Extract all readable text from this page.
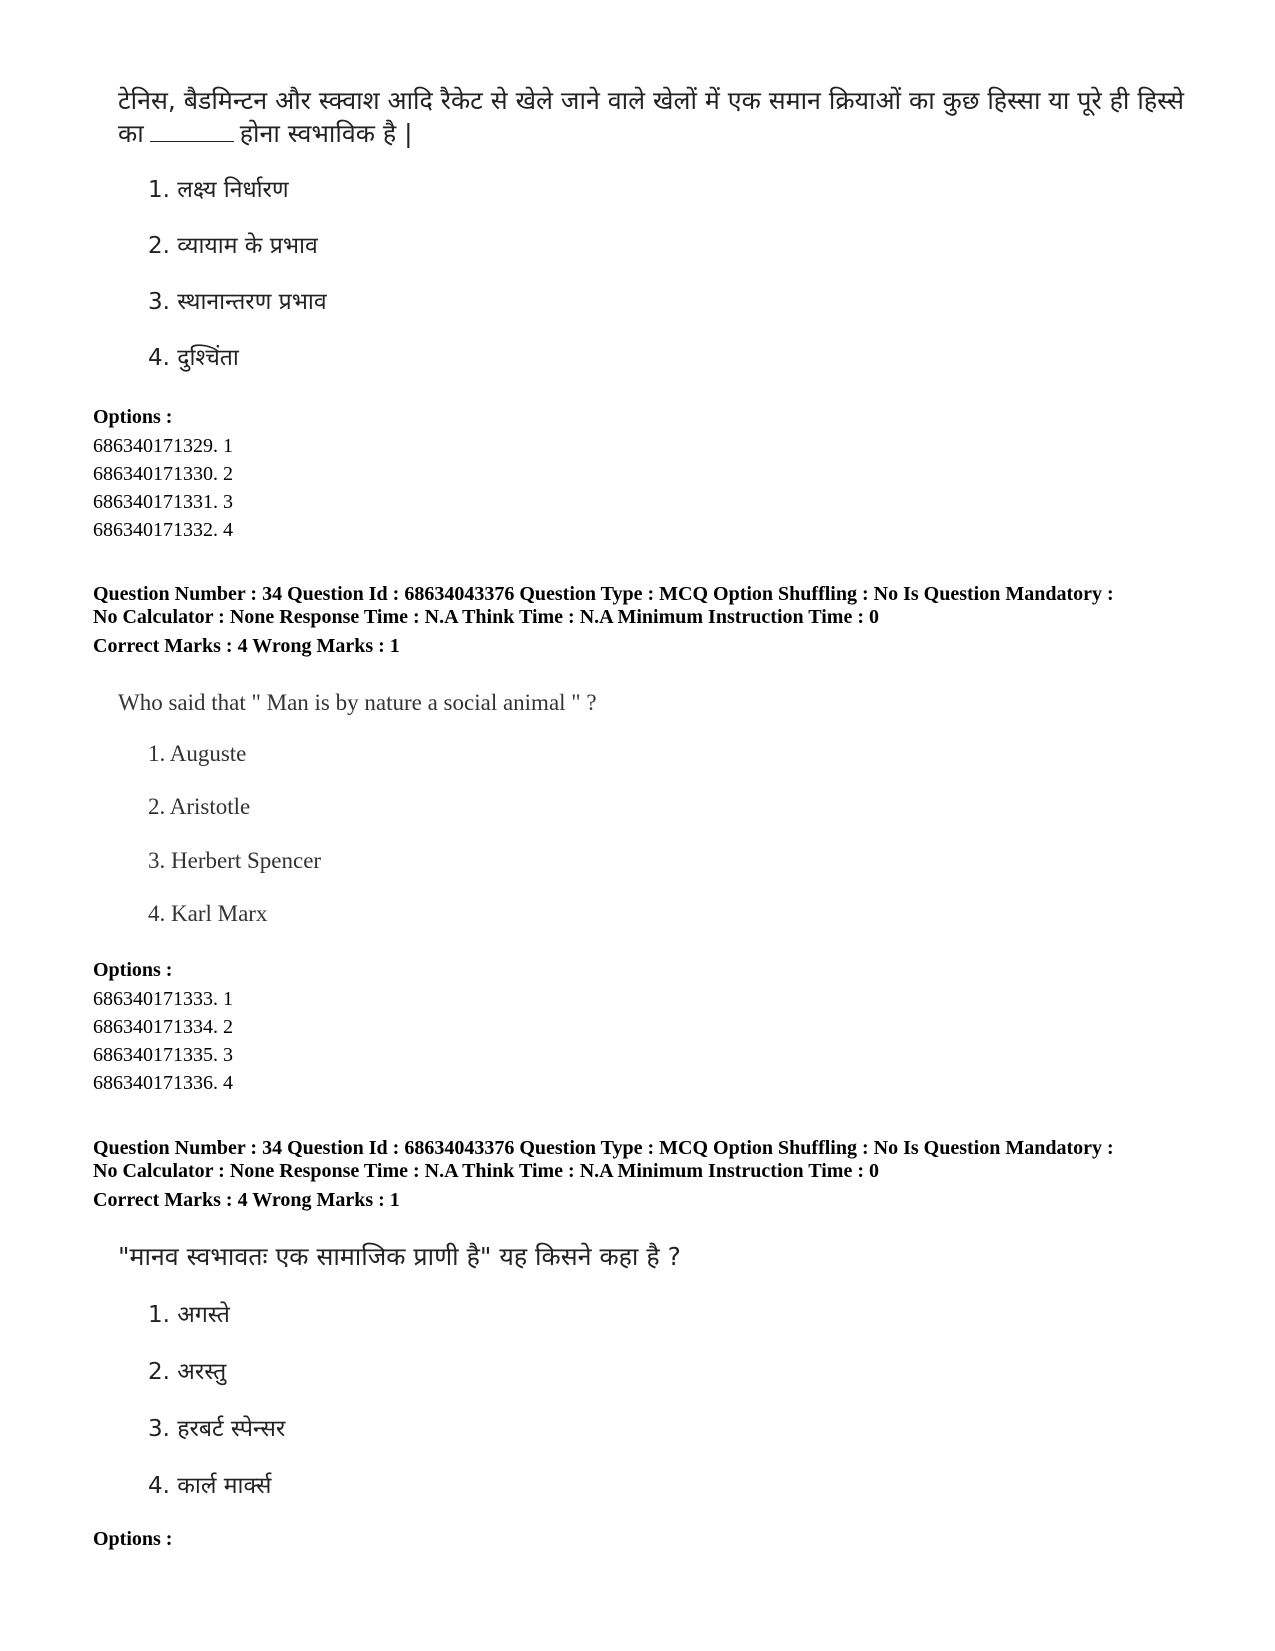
टेनिस, बैडमिन्टन और स्क्वाश आदि रैकेट से खेले जाने वाले खेलों में एक समान क्रियाओं का कुछ हिस्सा या पूरे ही हिस्से
का	होना स्वभाविक है |
1. लक्ष्य निर्धारण
2. व्यायाम के प्रभाव
3. स्थानान्तरण प्रभाव
4. दुश्चिंता
Options :
686340171329. 1
686340171330. 2
686340171331. 3
686340171332. 4
Question Number : 34 Question Id : 68634043376 Question Type : MCQ Option Shuffling : No Is Question Mandatory :
No Calculator : None Response Time : N.A Think Time : N.A Minimum Instruction Time : 0
Correct Marks : 4 Wrong Marks : 1
Who said that " Man is by nature a social animal " ?
1. Auguste
2. Aristotle
3. Herbert Spencer
4. Karl Marx
Options :
686340171333. 1
686340171334. 2
686340171335. 3
686340171336. 4
Question Number : 34 Question Id : 68634043376 Question Type : MCQ Option Shuffling : No Is Question Mandatory :
No Calculator : None Response Time : N.A Think Time : N.A Minimum Instruction Time : 0
Correct Marks : 4 Wrong Marks : 1
"मानव स्वभावतः एक सामाजिक प्राणी है" यह किसने कहा है ?
1. अगस्ते
2. अरस्तु
3. हरबर्ट स्पेन्सर
4. कार्ल मार्क्स
Options :
